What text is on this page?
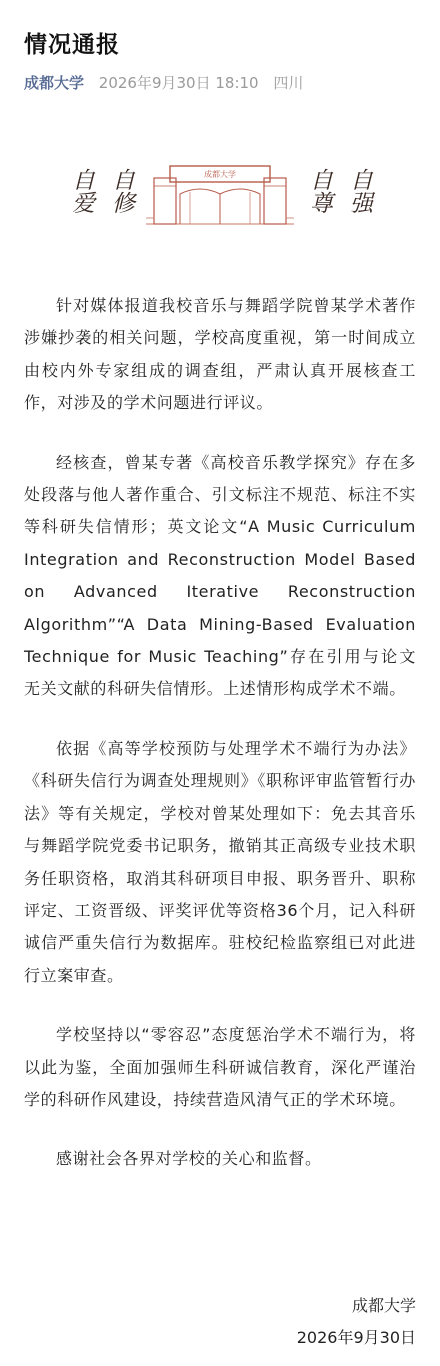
情况通报
成都大学 2026年9月30日 18:10 四川
自爱 自修	成都大学	自尊 自强

针对媒体报道我校音乐与舞蹈学院曾某学术著作涉嫌抄袭的相关问题，学校高度重视，第一时间成立由校内外专家组成的调查组，严肃认真开展核查工作，对涉及的学术问题进行评议。

经核查，曾某专著《高校音乐教学探究》存在多处段落与他人著作重合、引文标注不规范、标注不实等科研失信情形；英文论文“A Music Curriculum Integration and Reconstruction Model Based on Advanced Iterative Reconstruction Algorithm”“A Data Mining-Based Evaluation Technique for Music Teaching”存在引用与论文无关文献的科研失信情形。上述情形构成学术不端。

依据《高等学校预防与处理学术不端行为办法》《科研失信行为调查处理规则》《职称评审监管暂行办法》等有关规定，学校对曾某处理如下：免去其音乐与舞蹈学院党委书记职务，撤销其正高级专业技术职务任职资格，取消其科研项目申报、职务晋升、职称评定、工资晋级、评奖评优等资格36个月，记入科研诚信严重失信行为数据库。驻校纪检监察组已对此进行立案审查。

学校坚持以“零容忍”态度惩治学术不端行为，将以此为鉴，全面加强师生科研诚信教育，深化严谨治学的科研作风建设，持续营造风清气正的学术环境。

感谢社会各界对学校的关心和监督。

成都大学
2026年9月30日
